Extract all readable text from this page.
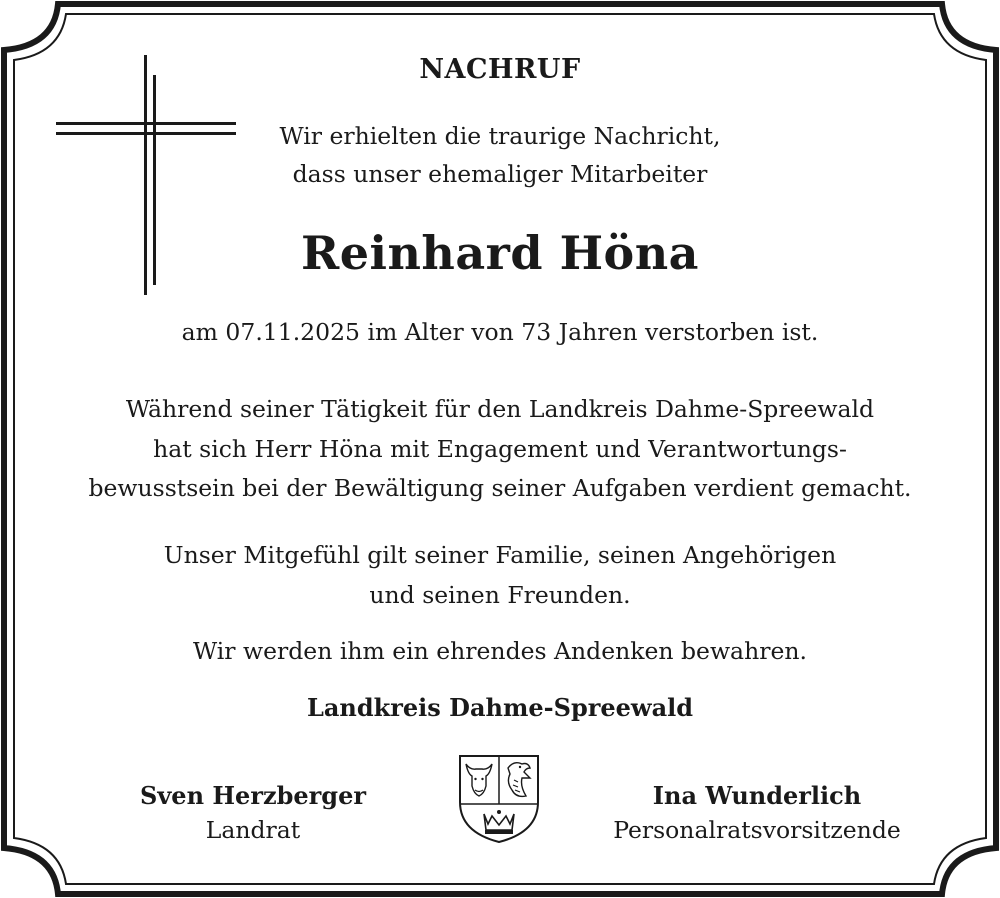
NACHRUF
Wir erhielten die traurige Nachricht,
dass unser ehemaliger Mitarbeiter
Reinhard Höna
am 07.11.2025 im Alter von 73 Jahren verstorben ist.
Während seiner Tätigkeit für den Landkreis Dahme-Spreewald
hat sich Herr Höna mit Engagement und Verantwortungs-
bewusstsein bei der Bewältigung seiner Aufgaben verdient gemacht.
Unser Mitgefühl gilt seiner Familie, seinen Angehörigen
und seinen Freunden.
Wir werden ihm ein ehrendes Andenken bewahren.
Landkreis Dahme-Spreewald
Sven Herzberger
Landrat
Ina Wunderlich
Personalratsvorsitzende
